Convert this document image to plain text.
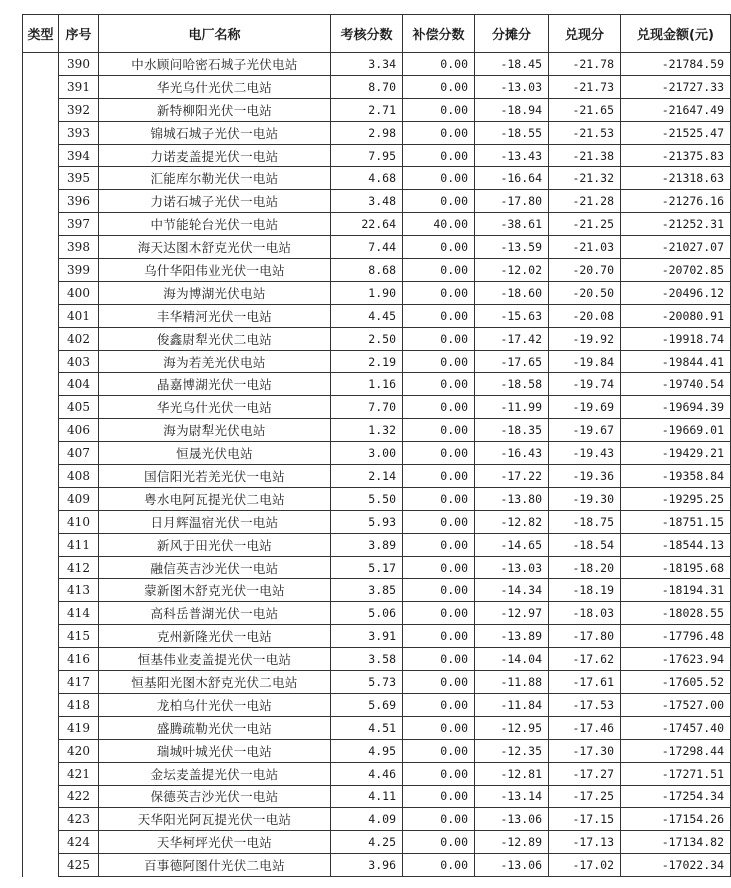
类型	序号	电厂名称	考核分数	补偿分数	分摊分	兑现分	兑现金额(元)
	390	中水顾问哈密石城子光伏电站	3.34	0.00	-18.45	-21.78	-21784.59
	391	华光乌什光伏二电站	8.70	0.00	-13.03	-21.73	-21727.33
	392	新特柳阳光伏一电站	2.71	0.00	-18.94	-21.65	-21647.49
	393	锦城石城子光伏一电站	2.98	0.00	-18.55	-21.53	-21525.47
	394	力诺麦盖提光伏一电站	7.95	0.00	-13.43	-21.38	-21375.83
	395	汇能库尔勒光伏一电站	4.68	0.00	-16.64	-21.32	-21318.63
	396	力诺石城子光伏一电站	3.48	0.00	-17.80	-21.28	-21276.16
	397	中节能轮台光伏一电站	22.64	40.00	-38.61	-21.25	-21252.31
	398	海天达图木舒克光伏一电站	7.44	0.00	-13.59	-21.03	-21027.07
	399	乌什华阳伟业光伏一电站	8.68	0.00	-12.02	-20.70	-20702.85
	400	海为博湖光伏电站	1.90	0.00	-18.60	-20.50	-20496.12
	401	丰华精河光伏一电站	4.45	0.00	-15.63	-20.08	-20080.91
	402	俊鑫尉犁光伏二电站	2.50	0.00	-17.42	-19.92	-19918.74
	403	海为若羌光伏电站	2.19	0.00	-17.65	-19.84	-19844.41
	404	晶嘉博湖光伏一电站	1.16	0.00	-18.58	-19.74	-19740.54
	405	华光乌什光伏一电站	7.70	0.00	-11.99	-19.69	-19694.39
	406	海为尉犁光伏电站	1.32	0.00	-18.35	-19.67	-19669.01
	407	恒晟光伏电站	3.00	0.00	-16.43	-19.43	-19429.21
	408	国信阳光若羌光伏一电站	2.14	0.00	-17.22	-19.36	-19358.84
	409	粤水电阿瓦提光伏二电站	5.50	0.00	-13.80	-19.30	-19295.25
	410	日月辉温宿光伏一电站	5.93	0.00	-12.82	-18.75	-18751.15
	411	新风于田光伏一电站	3.89	0.00	-14.65	-18.54	-18544.13
	412	融信英吉沙光伏一电站	5.17	0.00	-13.03	-18.20	-18195.68
	413	蒙新图木舒克光伏一电站	3.85	0.00	-14.34	-18.19	-18194.31
	414	高科岳普湖光伏一电站	5.06	0.00	-12.97	-18.03	-18028.55
	415	克州新隆光伏一电站	3.91	0.00	-13.89	-17.80	-17796.48
	416	恒基伟业麦盖提光伏一电站	3.58	0.00	-14.04	-17.62	-17623.94
	417	恒基阳光图木舒克光伏二电站	5.73	0.00	-11.88	-17.61	-17605.52
	418	龙柏乌什光伏一电站	5.69	0.00	-11.84	-17.53	-17527.00
	419	盛腾疏勒光伏一电站	4.51	0.00	-12.95	-17.46	-17457.40
	420	瑞城叶城光伏一电站	4.95	0.00	-12.35	-17.30	-17298.44
	421	金坛麦盖提光伏一电站	4.46	0.00	-12.81	-17.27	-17271.51
	422	保德英吉沙光伏一电站	4.11	0.00	-13.14	-17.25	-17254.34
	423	天华阳光阿瓦提光伏一电站	4.09	0.00	-13.06	-17.15	-17154.26
	424	天华柯坪光伏一电站	4.25	0.00	-12.89	-17.13	-17134.82
	425	百事德阿图什光伏二电站	3.96	0.00	-13.06	-17.02	-17022.34
